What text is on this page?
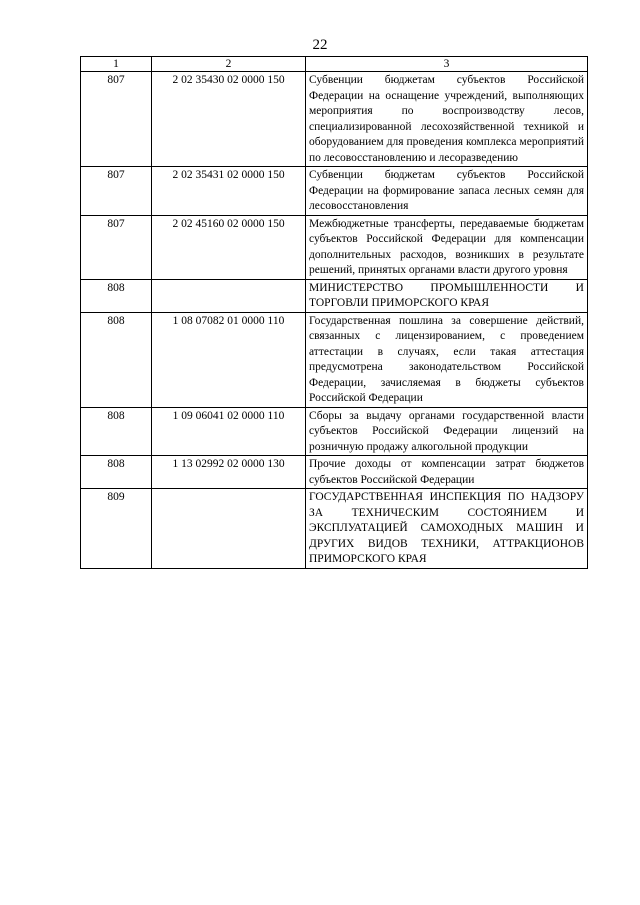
22
1	2	3
807	2 02 35430 02 0000 150	Субвенции бюджетам субъектов Российской Федерации на оснащение учреждений, выполняющих мероприятия по воспроизводству лесов, специализированной лесохозяйственной техникой и оборудованием для проведения комплекса мероприятий по лесовосстановлению и лесоразведению
807	2 02 35431 02 0000 150	Субвенции бюджетам субъектов Российской Федерации на формирование запаса лесных семян для лесовосстановления
807	2 02 45160 02 0000 150	Межбюджетные трансферты, передаваемые бюджетам субъектов Российской Федерации для компенсации дополнительных расходов, возникших в результате решений, принятых органами власти другого уровня
808		МИНИСТЕРСТВО ПРОМЫШЛЕННОСТИ И ТОРГОВЛИ ПРИМОРСКОГО КРАЯ
808	1 08 07082 01 0000 110	Государственная пошлина за совершение действий, связанных с лицензированием, с проведением аттестации в случаях, если такая аттестация предусмотрена законодательством Российской Федерации, зачисляемая в бюджеты субъектов Российской Федерации
808	1 09 06041 02 0000 110	Сборы за выдачу органами государственной власти субъектов Российской Федерации лицензий на розничную продажу алкогольной продукции
808	1 13 02992 02 0000 130	Прочие доходы от компенсации затрат бюджетов субъектов Российской Федерации
809		ГОСУДАРСТВЕННАЯ ИНСПЕКЦИЯ ПО НАДЗОРУ ЗА ТЕХНИЧЕСКИМ СОСТОЯНИЕМ И ЭКСПЛУАТАЦИЕЙ САМОХОДНЫХ МАШИН И ДРУГИХ ВИДОВ ТЕХНИКИ, АТТРАКЦИОНОВ ПРИМОРСКОГО КРАЯ
